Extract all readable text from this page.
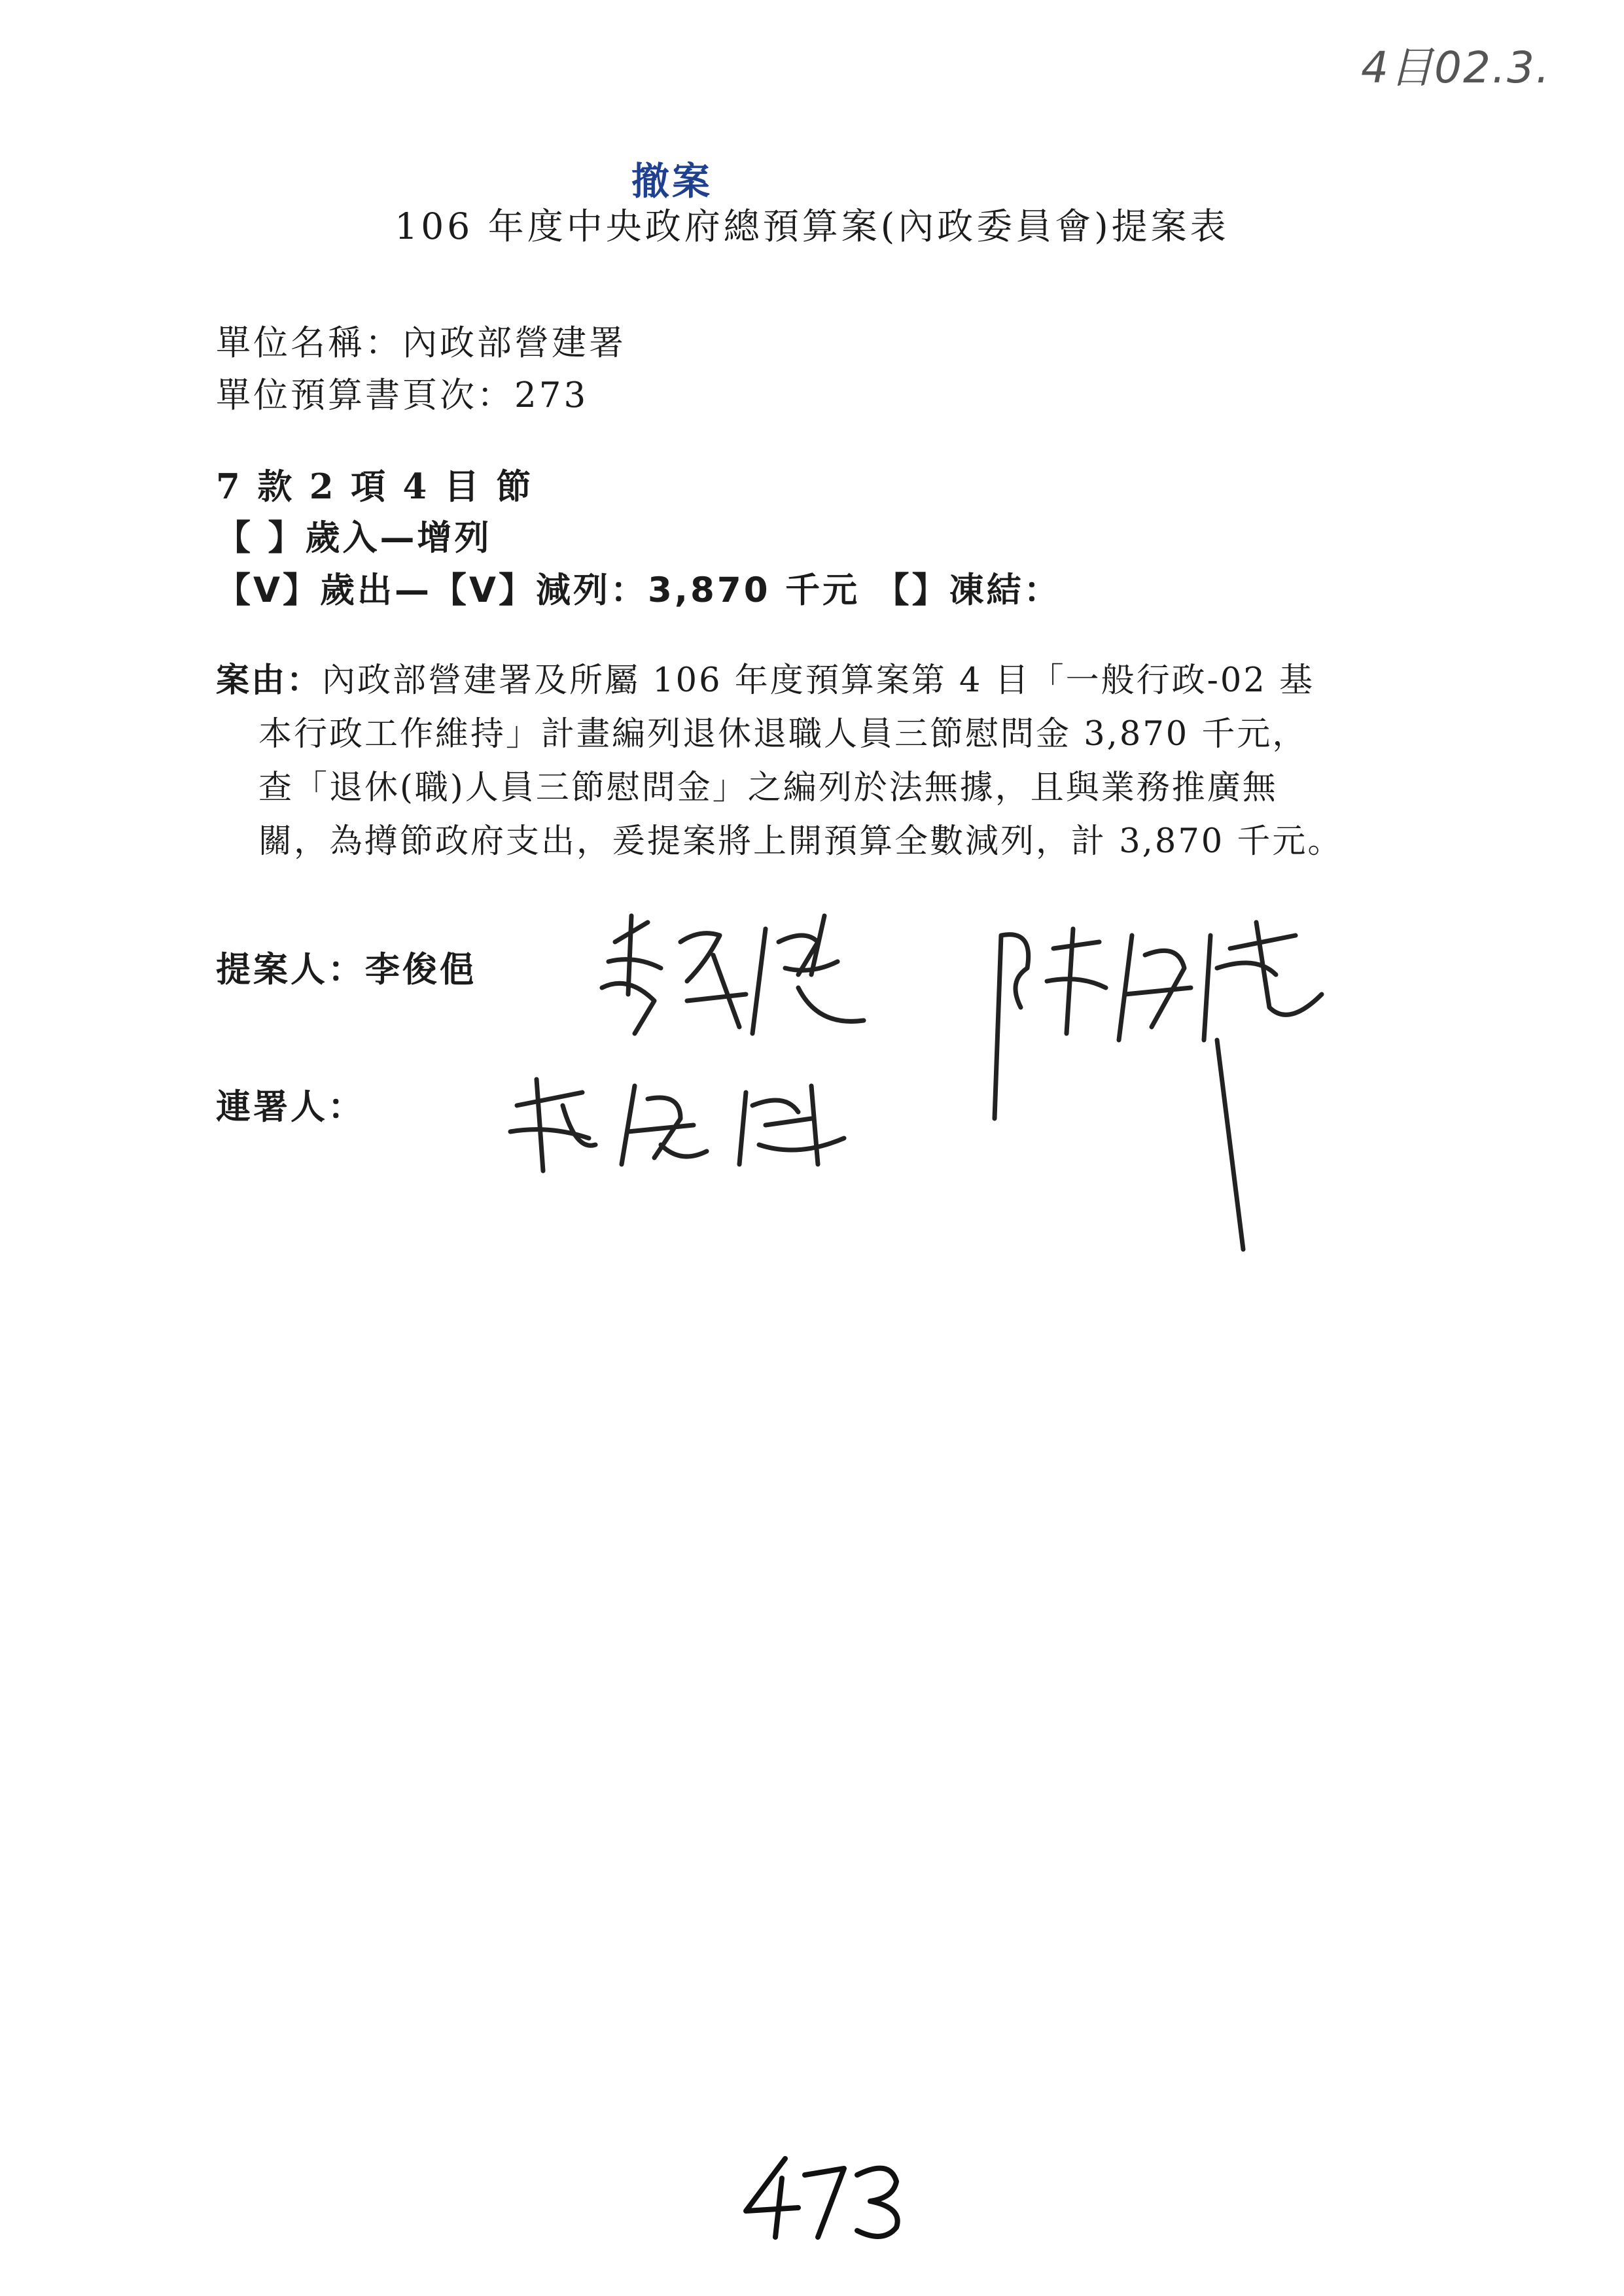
4目02.3.
撤案
106 年度中央政府總預算案(內政委員會)提案表
單位名稱：內政部營建署
單位預算書頁次：273
7 款 2 項 4 目 節
【 】歲入—增列
【V】歲出—【V】減列：3,870 千元 【】凍結：
案由：內政部營建署及所屬 106 年度預算案第 4 目「一般行政-02 基
本行政工作維持」計畫編列退休退職人員三節慰問金 3,870 千元，
查「退休(職)人員三節慰問金」之編列於法無據，且與業務推廣無
關，為撙節政府支出，爰提案將上開預算全數減列，計 3,870 千元。
提案人：李俊俋
連署人：
